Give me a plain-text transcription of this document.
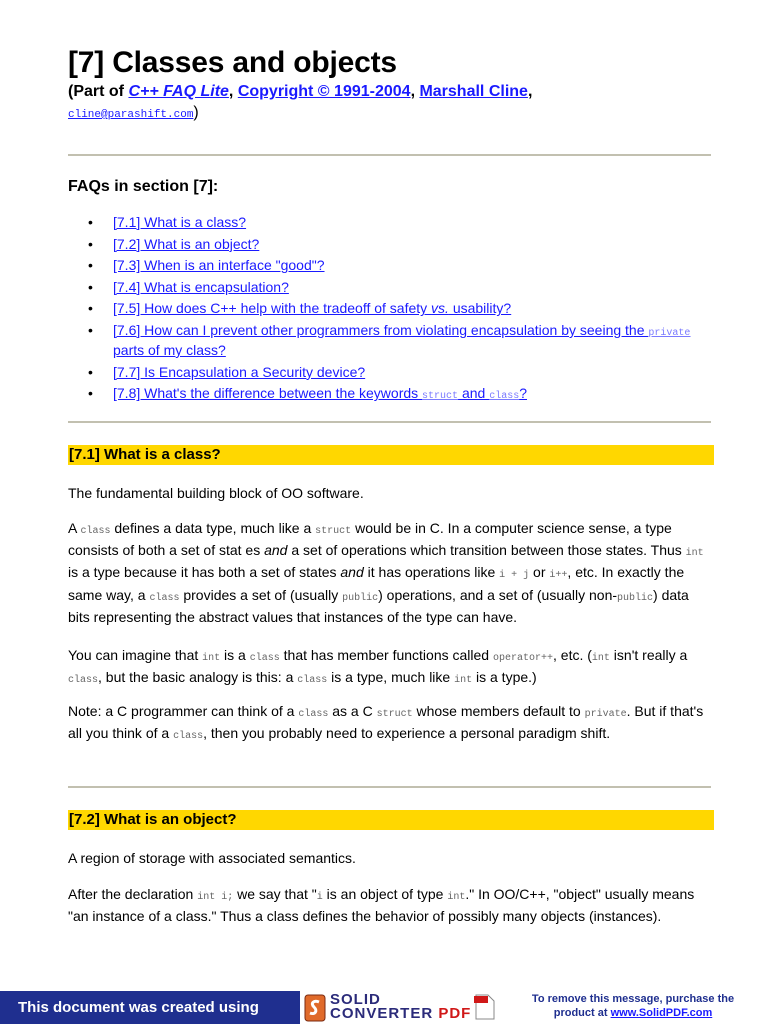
[7] Classes and objects
(Part of C++ FAQ Lite, Copyright © 1991-2004, Marshall Cline,
cline@parashift.com)
FAQs in section [7]:
• [7.1] What is a class?
• [7.2] What is an object?
• [7.3] When is an interface "good"?
• [7.4] What is encapsulation?
• [7.5] How does C++ help with the tradeoff of safety vs. usability?
• [7.6] How can I prevent other programmers from violating encapsulation by seeing the private parts of my class?
• [7.7] Is Encapsulation a Security device?
• [7.8] What's the difference between the keywords struct and class?
[7.1] What is a class?
The fundamental building block of OO software.
A class defines a data type, much like a struct would be in C. In a computer science sense, a type consists of both a set of stat es and a set of operations which transition between those states. Thus int is a type because it has both a set of states and it has operations like i + j or i++, etc. In exactly the same way, a class provides a set of (usually public) operations, and a set of (usually non-public) data bits representing the abstract values that instances of the type can have.
You can imagine that int is a class that has member functions called operator++, etc. (int isn't really a class, but the basic analogy is this: a class is a type, much like int is a type.)
Note: a C programmer can think of a class as a C struct whose members default to private. But if that's all you think of a class, then you probably need to experience a personal paradigm shift.
[7.2] What is an object?
A region of storage with associated semantics.
After the declaration int i; we say that "i is an object of type int." In OO/C++, "object" usually means "an instance of a class." Thus a class defines the behavior of possibly many objects (instances).
This document was created using	SOLID
CONVERTER PDF
To remove this message, purchase the
product at www.SolidPDF.com
